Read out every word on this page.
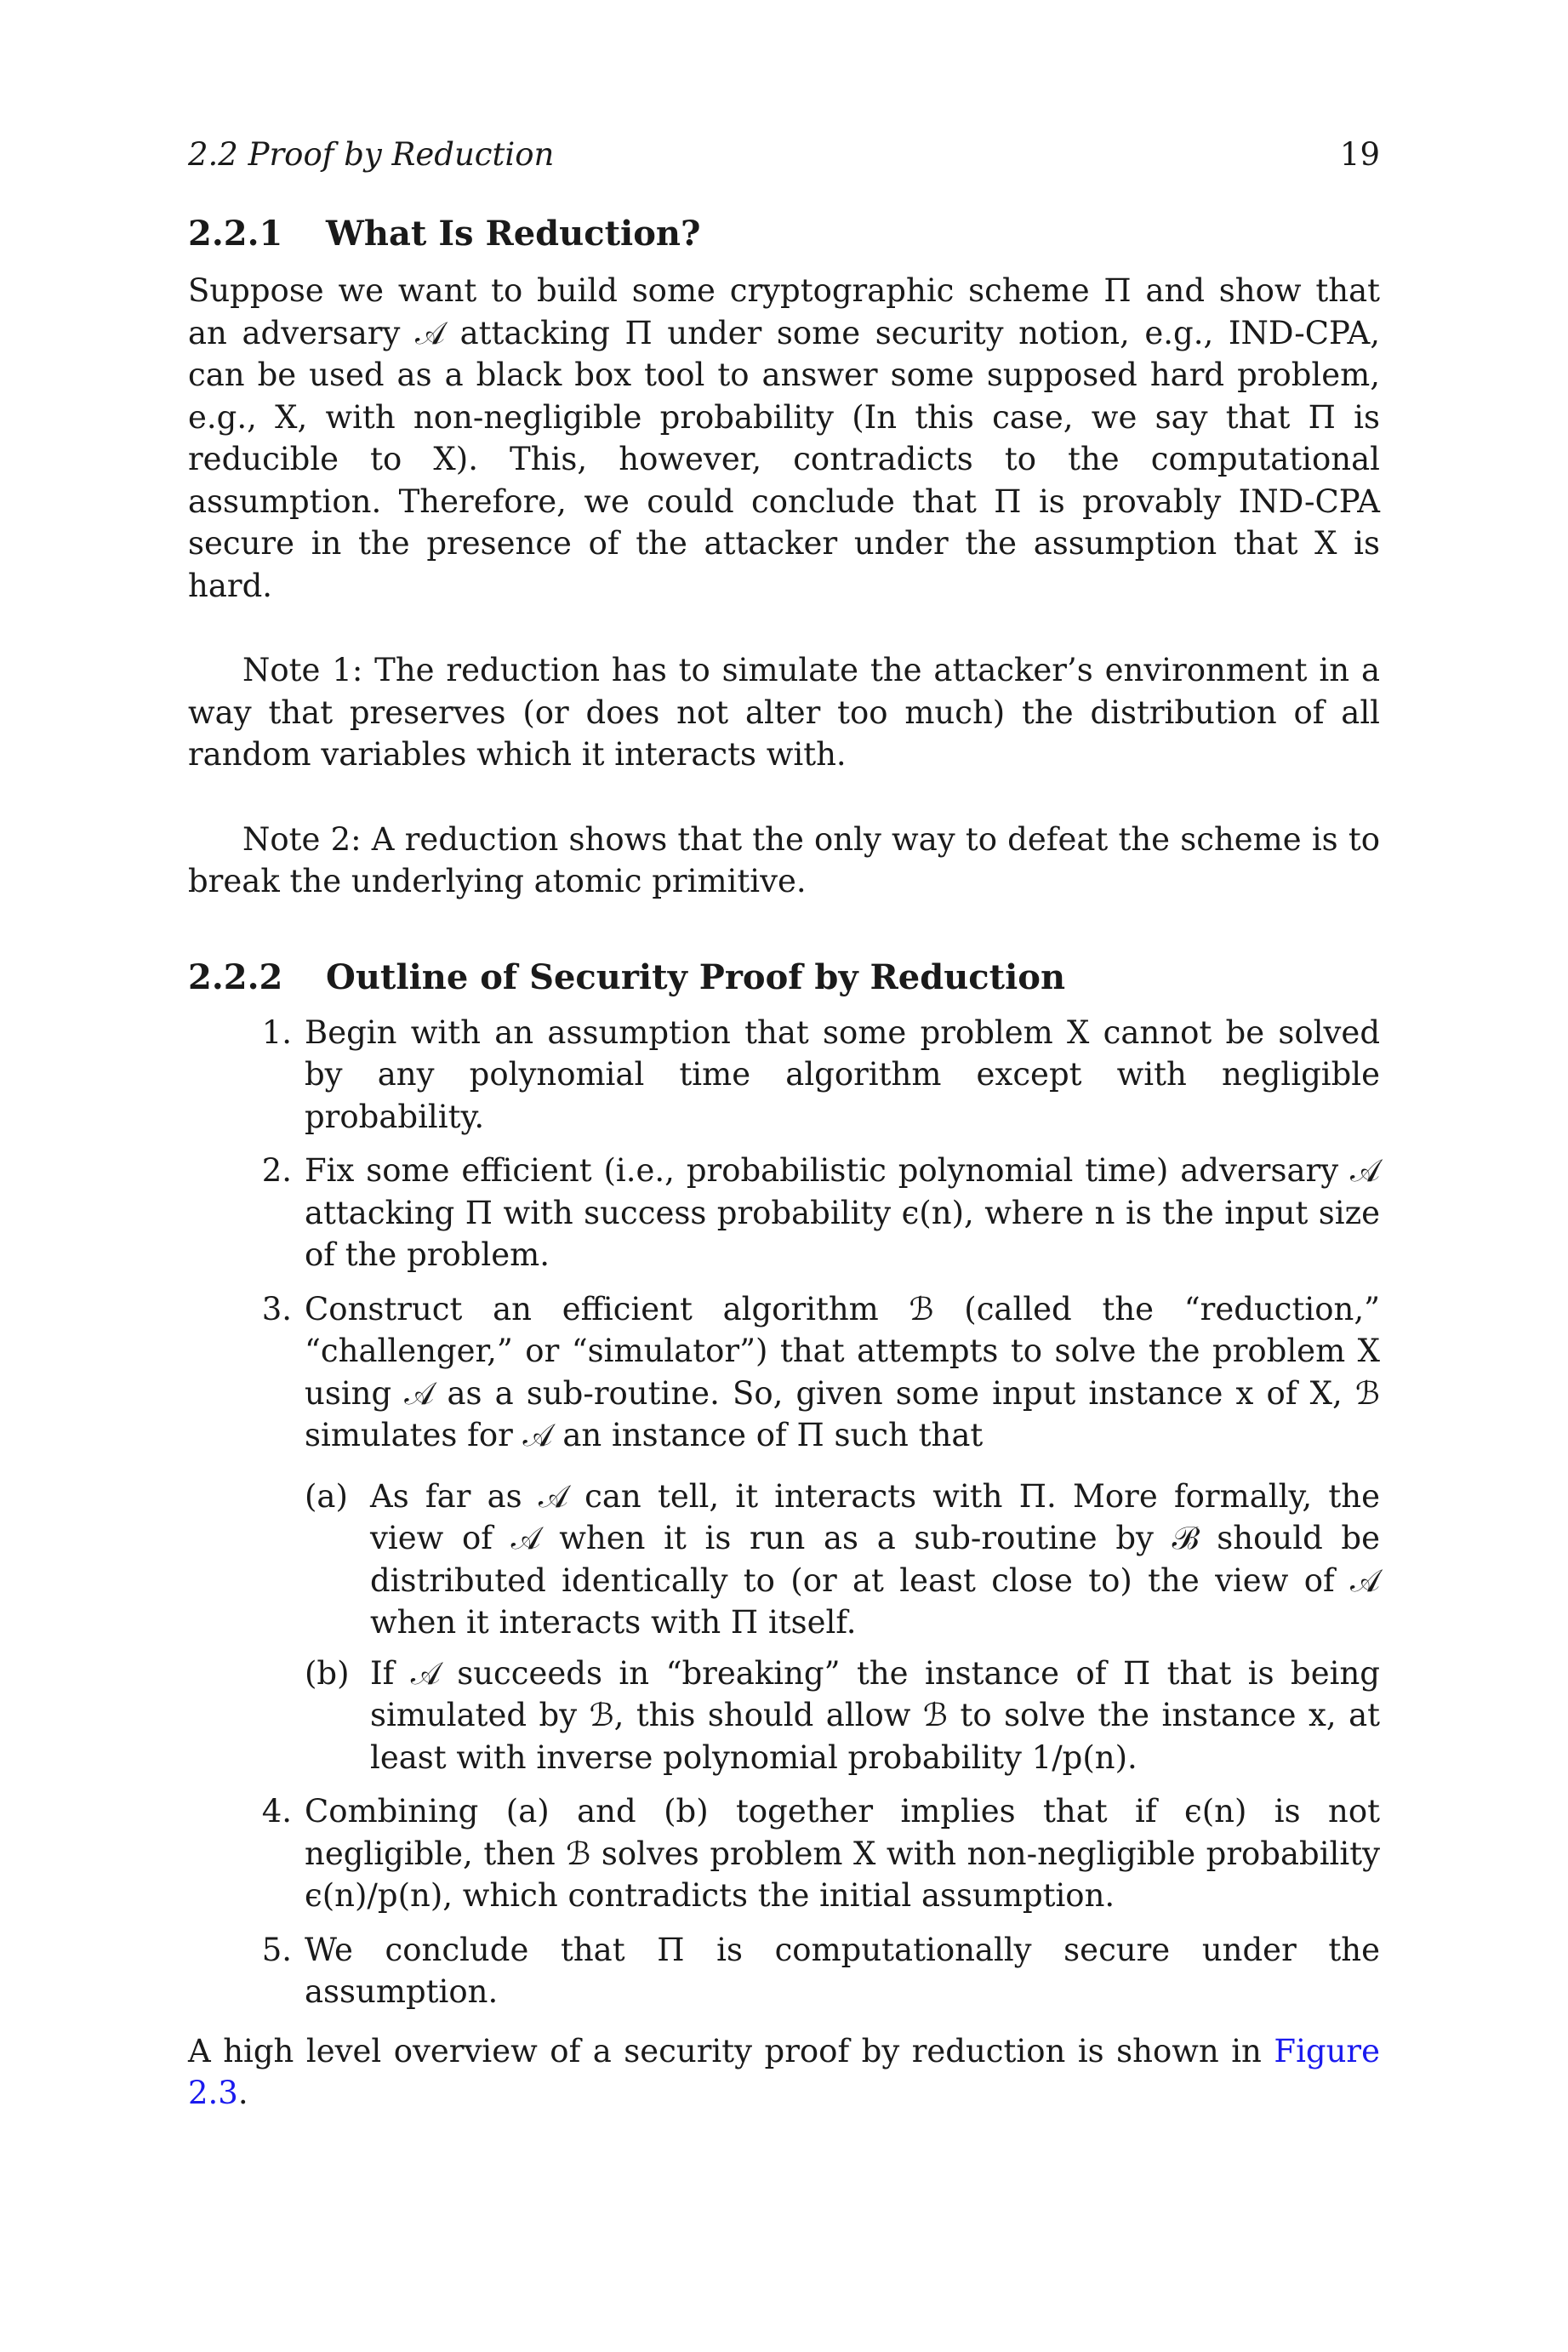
2.2 Proof by Reduction	19
2.2.1 What Is Reduction?

Suppose we want to build some cryptographic scheme Π and show that an adversary 𝒜 attacking Π under some security notion, e.g., IND-CPA, can be used as a black box tool to answer some supposed hard problem, e.g., X, with non-negligible probability (In this case, we say that Π is reducible to X). This, however, contradicts to the computational assumption. Therefore, we could conclude that Π is provably IND-CPA secure in the presence of the attacker under the assumption that X is hard.

Note 1: The reduction has to simulate the attacker’s environment in a way that preserves (or does not alter too much) the distribution of all random variables which it interacts with.

Note 2: A reduction shows that the only way to defeat the scheme is to break the underlying atomic primitive.

2.2.2 Outline of Security Proof by Reduction
1. Begin with an assumption that some problem X cannot be solved by any polynomial time algorithm except with negligible probability.

2. Fix some efficient (i.e., probabilistic polynomial time) adversary 𝒜 attacking Π with success probability ϵ(n), where n is the input size of the problem.

3. Construct an efficient algorithm ℬ (called the “reduction,” “challenger,” or “simulator”) that attempts to solve the problem X using 𝒜 as a sub-routine. So, given some input instance x of X, ℬ simulates for 𝒜 an instance of Π such that

(a) As far as 𝒜 can tell, it interacts with Π. More formally, the view of 𝒜 when it is run as a sub-routine by ℬ should be distributed identically to (or at least close to) the view of 𝒜 when it interacts with Π itself.

(b) If 𝒜 succeeds in “breaking” the instance of Π that is being simulated by ℬ, this should allow ℬ to solve the instance x, at least with inverse polynomial probability 1/p(n).

4. Combining (a) and (b) together implies that if ϵ(n) is not negligible, then ℬ solves problem X with non-negligible probability ϵ(n)/p(n), which contradicts the initial assumption.

5. We conclude that Π is computationally secure under the assumption.

A high level overview of a security proof by reduction is shown in Figure 2.3.
